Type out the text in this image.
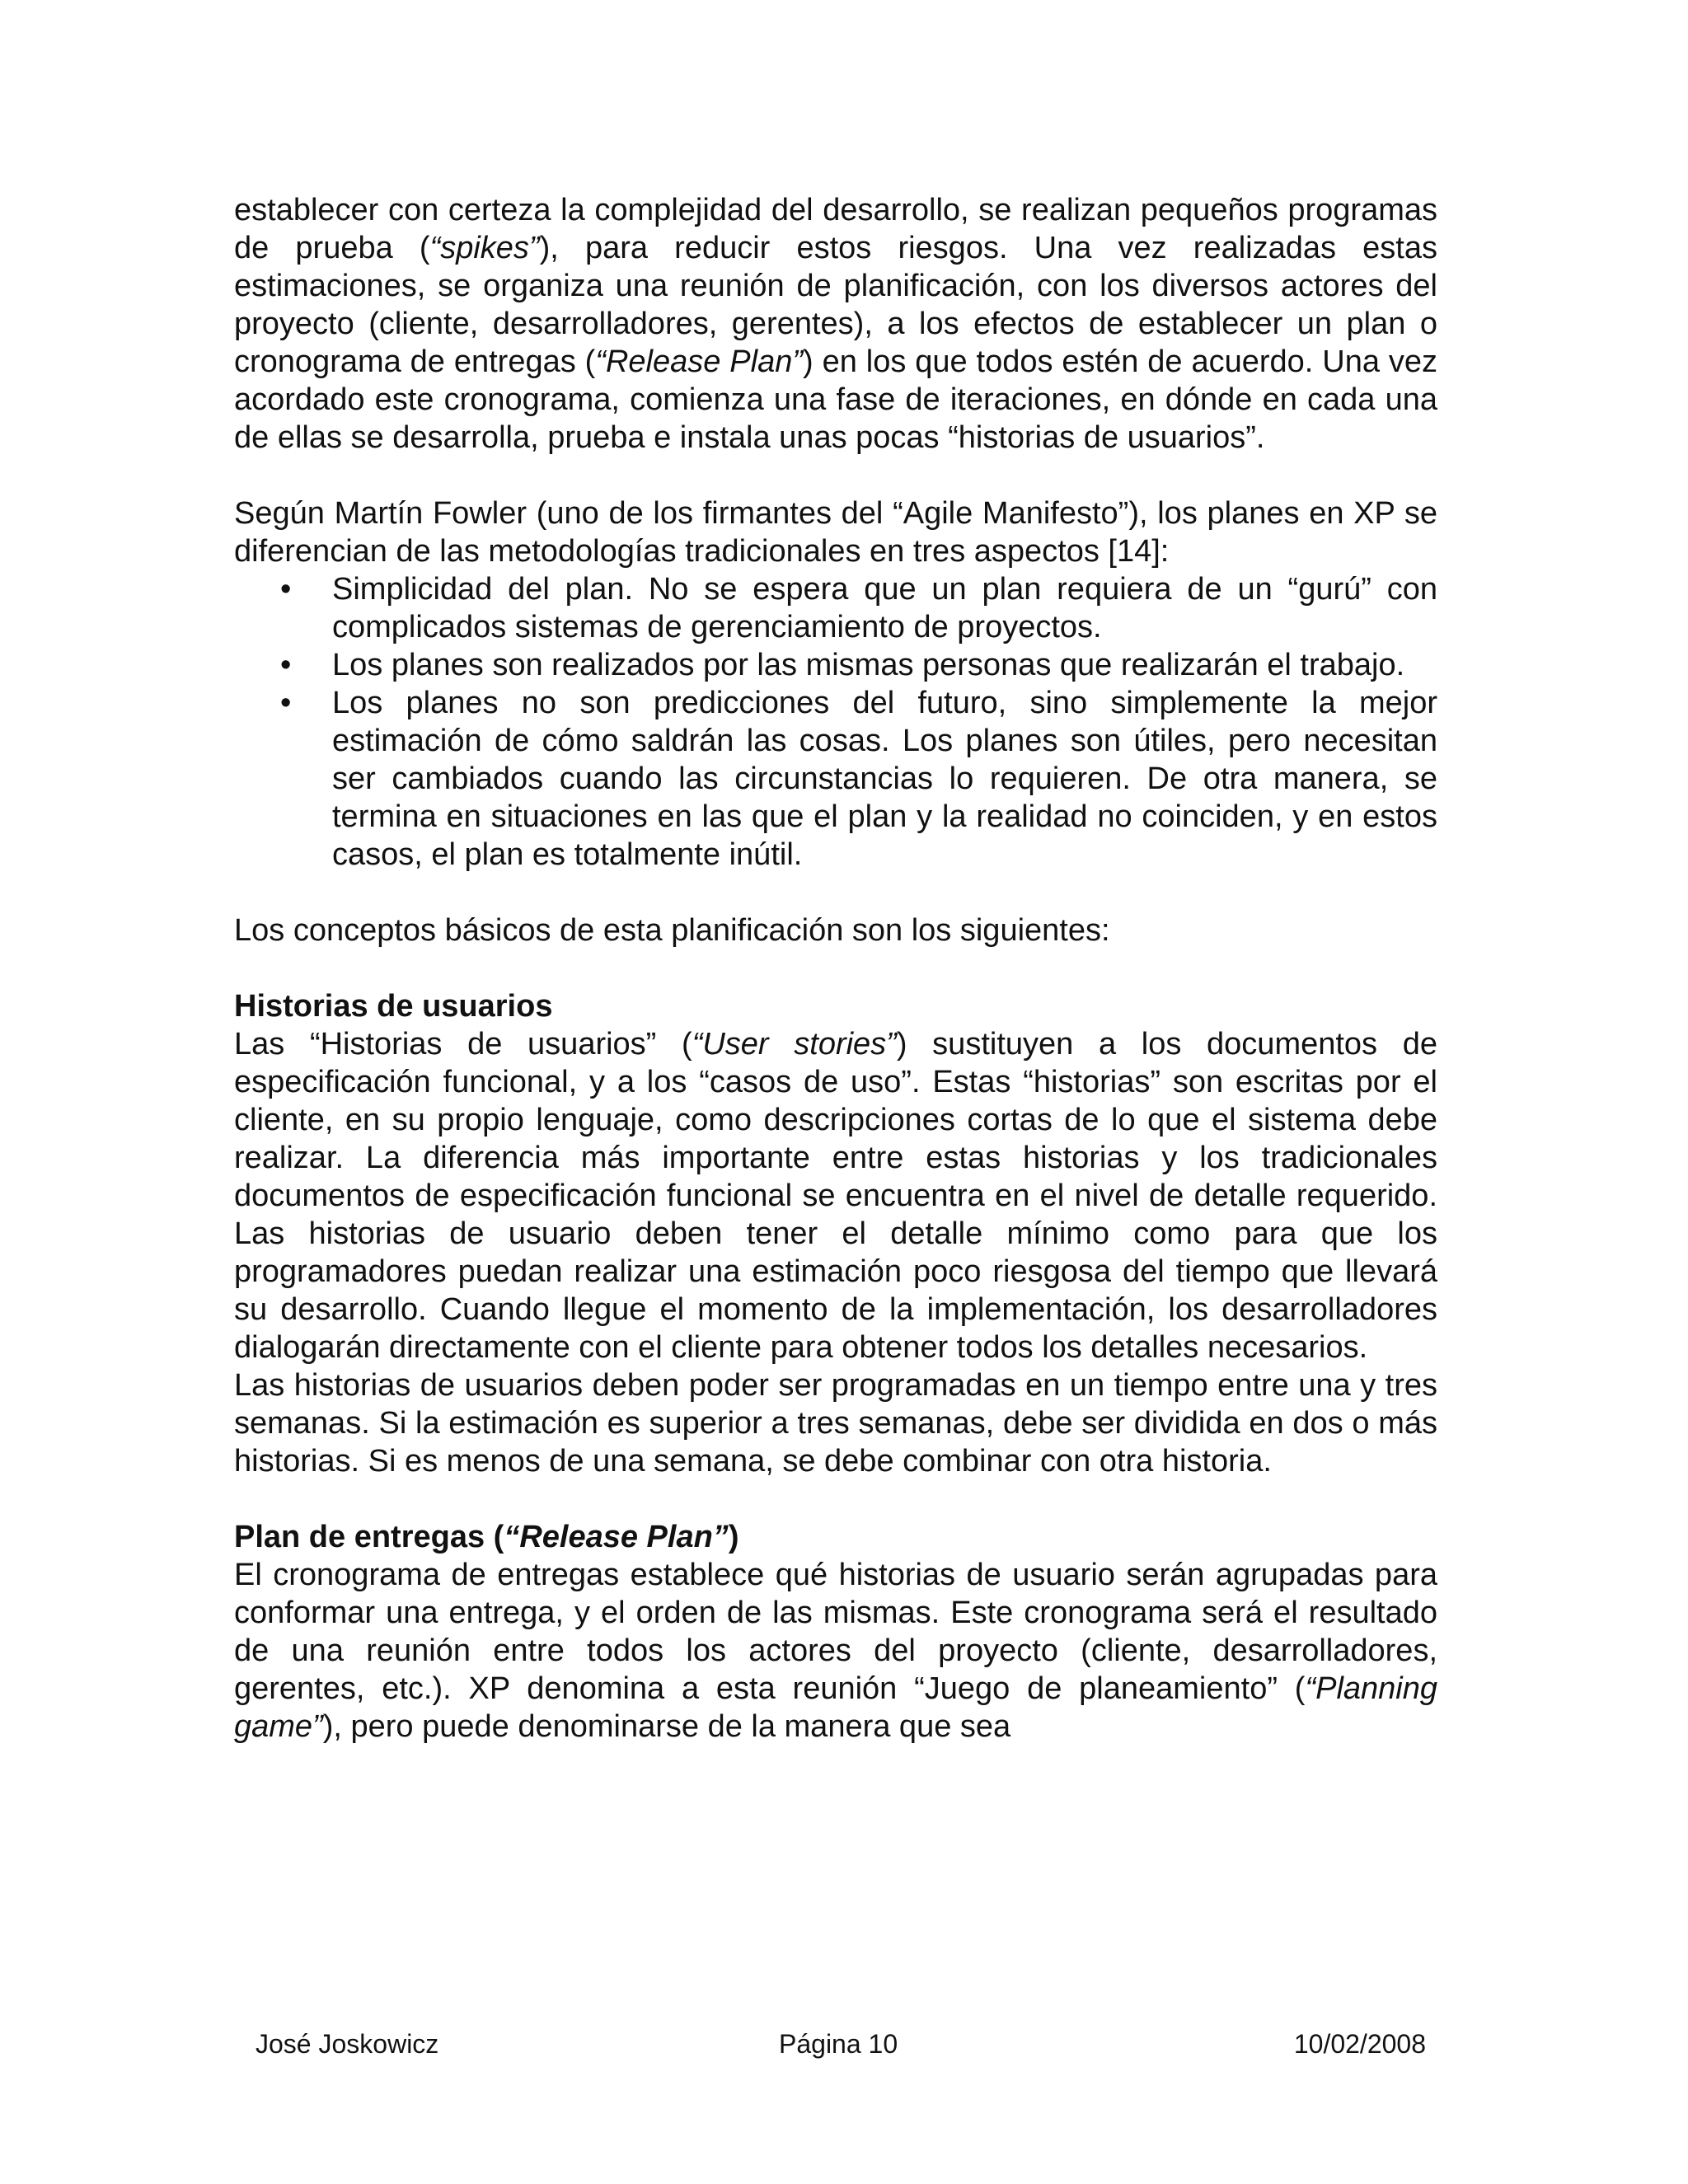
establecer con certeza la complejidad del desarrollo, se realizan pequeños programas de prueba (“spikes”), para reducir estos riesgos. Una vez realizadas estas estimaciones, se organiza una reunión de planificación, con los diversos actores del proyecto (cliente, desarrolladores, gerentes), a los efectos de establecer un plan o cronograma de entregas (“Release Plan”) en los que todos estén de acuerdo. Una vez acordado este cronograma, comienza una fase de iteraciones, en dónde en cada una de ellas se desarrolla, prueba e instala unas pocas “historias de usuarios”.

Según Martín Fowler (uno de los firmantes del “Agile Manifesto”), los planes en XP se diferencian de las metodologías tradicionales en tres aspectos [14]:

• Simplicidad del plan. No se espera que un plan requiera de un “gurú” con complicados sistemas de gerenciamiento de proyectos.
• Los planes son realizados por las mismas personas que realizarán el trabajo.
• Los planes no son predicciones del futuro, sino simplemente la mejor estimación de cómo saldrán las cosas. Los planes son útiles, pero necesitan ser cambiados cuando las circunstancias lo requieren. De otra manera, se termina en situaciones en las que el plan y la realidad no coinciden, y en estos casos, el plan es totalmente inútil.

Los conceptos básicos de esta planificación son los siguientes:

Historias de usuarios

Las “Historias de usuarios” (“User stories”) sustituyen a los documentos de especificación funcional, y a los “casos de uso”. Estas “historias” son escritas por el cliente, en su propio lenguaje, como descripciones cortas de lo que el sistema debe realizar. La diferencia más importante entre estas historias y los tradicionales documentos de especificación funcional se encuentra en el nivel de detalle requerido. Las historias de usuario deben tener el detalle mínimo como para que los programadores puedan realizar una estimación poco riesgosa del tiempo que llevará su desarrollo. Cuando llegue el momento de la implementación, los desarrolladores dialogarán directamente con el cliente para obtener todos los detalles necesarios.

Las historias de usuarios deben poder ser programadas en un tiempo entre una y tres semanas. Si la estimación es superior a tres semanas, debe ser dividida en dos o más historias. Si es menos de una semana, se debe combinar con otra historia.

Plan de entregas (“Release Plan”)

El cronograma de entregas establece qué historias de usuario serán agrupadas para conformar una entrega, y el orden de las mismas. Este cronograma será el resultado de una reunión entre todos los actores del proyecto (cliente, desarrolladores, gerentes, etc.). XP denomina a esta reunión “Juego de planeamiento” (“Planning game”), pero puede denominarse de la manera que sea

José Joskowicz	Página 10	10/02/2008
